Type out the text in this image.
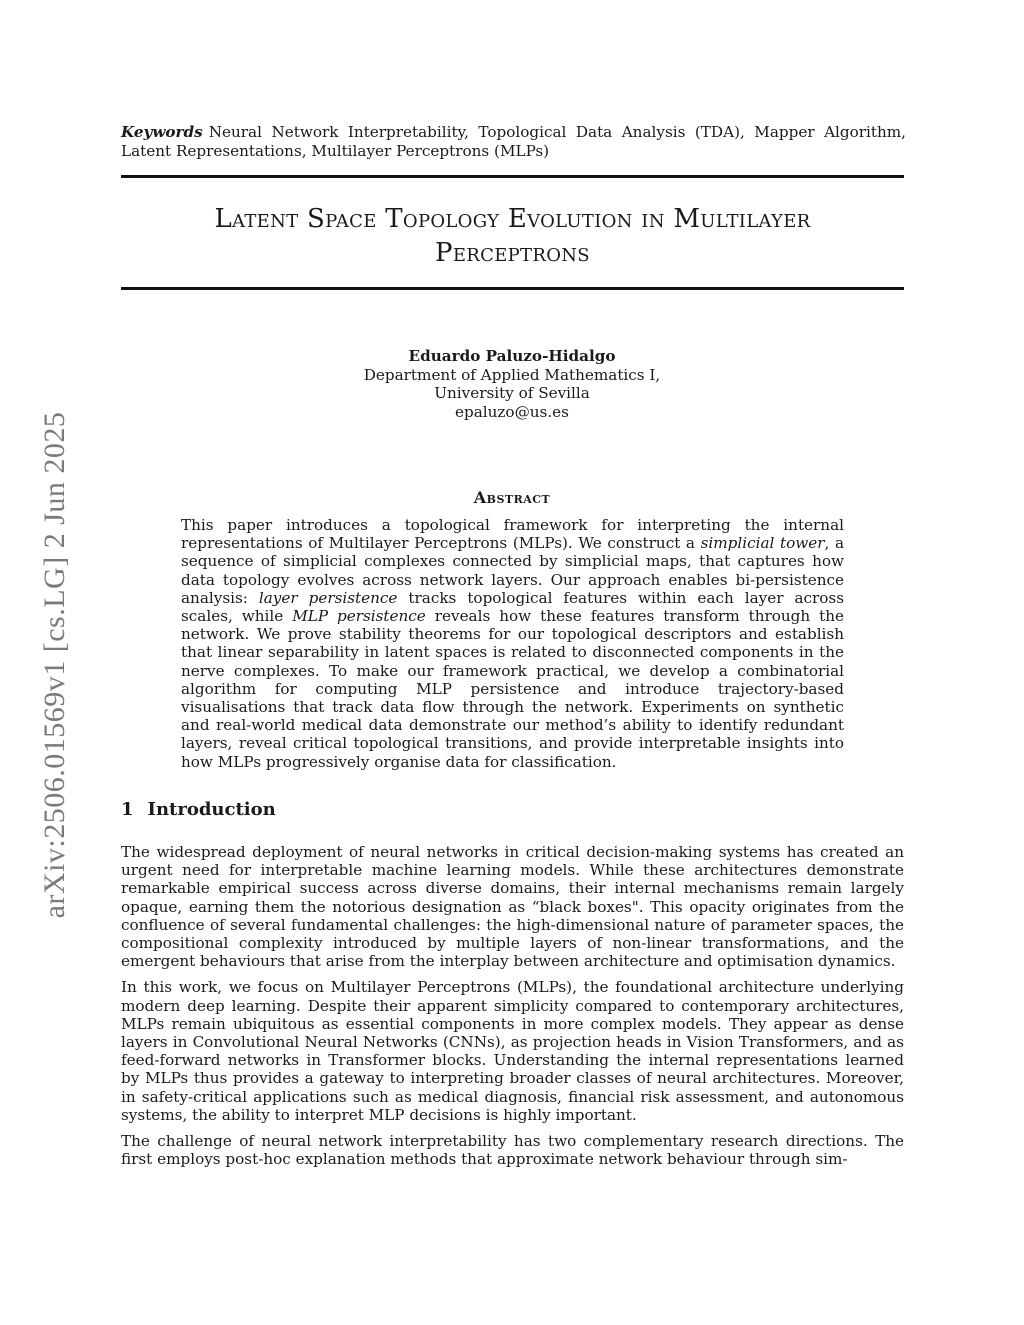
arXiv:2506.01569v1 [cs.LG] 2 Jun 2025
Keywords Neural Network Interpretability, Topological Data Analysis (TDA), Mapper Algorithm, Latent Representations, Multilayer Perceptrons (MLPs)
Latent Space Topology Evolution in Multilayer
Perceptrons
Eduardo Paluzo-Hidalgo
Department of Applied Mathematics I,
University of Sevilla
epaluzo@us.es
Abstract
This paper introduces a topological framework for interpreting the internal representations of Multilayer Perceptrons (MLPs). We construct a simplicial tower, a sequence of simplicial complexes connected by simplicial maps, that captures how data topology evolves across network layers. Our approach enables bi-persistence analysis: layer persistence tracks topological features within each layer across scales, while MLP persistence reveals how these features transform through the network. We prove stability theorems for our topological descriptors and establish that linear separability in latent spaces is related to disconnected components in the nerve complexes. To make our framework practical, we develop a combinatorial algorithm for computing MLP persistence and introduce trajectory-based visualisations that track data flow through the network. Experiments on synthetic and real-world medical data demonstrate our method’s ability to identify redundant layers, reveal critical topological transitions, and provide interpretable insights into how MLPs progressively organise data for classification.
1 Introduction

The widespread deployment of neural networks in critical decision-making systems has created an urgent need for interpretable machine learning models. While these architectures demonstrate remarkable empirical success across diverse domains, their internal mechanisms remain largely opaque, earning them the notorious designation as “black boxes". This opacity originates from the confluence of several fundamental challenges: the high-dimensional nature of parameter spaces, the compositional complexity introduced by multiple layers of non-linear transformations, and the emergent behaviours that arise from the interplay between architecture and optimisation dynamics.

In this work, we focus on Multilayer Perceptrons (MLPs), the foundational architecture underlying modern deep learning. Despite their apparent simplicity compared to contemporary architectures, MLPs remain ubiquitous as essential components in more complex models. They appear as dense layers in Convolutional Neural Networks (CNNs), as projection heads in Vision Transformers, and as feed-forward networks in Transformer blocks. Understanding the internal representations learned by MLPs thus provides a gateway to interpreting broader classes of neural architectures. Moreover, in safety-critical applications such as medical diagnosis, financial risk assessment, and autonomous systems, the ability to interpret MLP decisions is highly important.

The challenge of neural network interpretability has two complementary research directions. The first employs post-hoc explanation methods that approximate network behaviour through sim-
